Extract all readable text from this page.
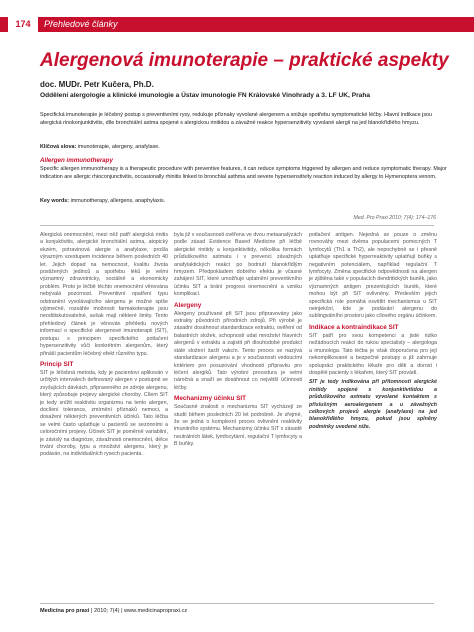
174	Přehledové články
Alergenová imunoterapie – praktické aspekty
doc. MUDr. Petr Kučera, Ph.D.
Oddělení alergologie a klinické imunologie a Ústav imunologie FN Královské Vinohrady a 3. LF UK, Praha

Specifická imunoterapie je léčebný postup s preventivními rysy, redukuje příznaky vyvolané alergenem a snižuje spotřebu symptomatické léčby. Hlavní indikace jsou alergická rinokonjunktivitis, díle bronchiální astma spojené s alergickou rinitidou a závažné reakce hypersenzitivity vyvolané alergií na jed blanokřídlého hmyzu.

Klíčová slova: imunoterapie, alergeny, anafylaxe.

Allergen immunotherapy

Specific allergen immunotherapy is a therapeutic procedure with preventive features, it can reduce symptoms triggered by allergen and reduce symptomatic therapy. Major indication are allergic rhioconjunctivitis, occasionally rhinitis linked to bronchial asthma and severe hypersensitivity reaction induced by allergy to Hymenoptera venom.

Key words: immunotherapy, allergens, anaphylaxis.

Med. Pro Praxi 2010; 7(4): 174–176

Alergická onemocnění, mezi něž patří alergická rinitis a konjuktivitis, alergické bronchiální astma, atopický ekzém, potravinová alergie a anafylaxe, prošla výrazným vzestupem incidence během posledních 40 let. Jejich dopad na nemocnost, kvalitu života postižených jedinců a spotřebu léků je velmi významný zdravotnicky, sociálně a ekonomicky problém. Proto je léčbě těchto onemocnění věnována nebývalá pozornost. Preventivní opatření typu odstranění vyvolávajícího alergenu je možné spíše výjimečně, rozsáhle možnosti farmakoterapie jsou neoddiskutovatelné, avšak mají některé limity. Tento přehledový článek je věnován přehledu nových informací o specifické alergenové imunoterapii (SIT), postupu s principem specifického potlačení hypersenzitivity vůči konkrétním alergenům, který přináší pacientům léčebný efekt různého typu.

Princip SIT

SIT je léčebná metoda, kdy je pacientovi aplikován v určitých intervalech definovaný alergen v postupně se zvyšujících dávkách, připraveného ze zdroje alergenu, který způsobuje projevy alergické choroby. Cílem SIT je tedy snížit reaktivitu organizmu na tento alergen, docílení tolerance, zmírnění příznaků nemoci, a dosažení některých preventivních účinků. Tato léčba se velmi často uplatňuje u pacientů se sezónními a celoročními projevy. Účinek SIT je poměrně variabilní, je závislý na diagnóze, závažnosti onemocnění, délce trvání choroby, typu a množství alergenu, který je podáván, na individuálních rysech pacienta.

byla již v současnosti ověřena ve dvou metaanalýzách podle zásad Evidence Based Medicine při léčbě alergické rinitidy a konjunktivitidy, několika formách průduškového astmatu i v prevenci závažných anafylaktických reakcí po bodnutí blanokřídlým hmyzem. Předpokladem dobrého efektu je včasné zahájení SIT, které umožňuje uplatnění preventivního účinku SIT a brání progresi onemocnění a vzniku komplikací.

Alergeny

Alergeny používané při SIT jsou připravovány jako extrakty původních přírodních zdrojů. Při výrobě je zásadní dosáhnout standardizace extraktu, ověření od balastních složek, schopností udat množství hlavních alergenů v extraktu a zajistit při dlouhodobé produkci stálé složení šarží vakcín. Tento proces se nazývá standardizace alergenu a je v současnosti vedoucími kritériem pro posuzování vhodnosti přípravku pro léčení alergiků. Tato výrobní procedura je velmi náročná a snaží se dosáhnout co největší účinnosti léčby.

Mechanizmy účinku SIT

Současné znalosti o mechanizmu SIT vycházejí ze studií během posledních 20 let podrobně. Je zřejmé, že se jedná o komplexní proces ovlivnění reaktivity imunitního systému. Mechanizmy účinku SIT v zásadě neutrálních látek, lymfocytární, regulační T lymfocyty a B buňky.

potlačení antigen. Nejedná se pouze o změnu rovnováhy mezi dvěma populacemi pomocných T lymfocytů (Th1 a Th2), ale nepochybně se i přesně uplatňuje specifické hyperreaktivity uplatňují buňky s negativním potenciálem, například regulační T lymfocyty. Změna specifické odpovědnosti na alergen je zjištěna také v populacích dendritických buněk, jako významných antigen prezentujících buněk, které mohou být při SIT ovlivněny. Především jejich specifická role pomáhá osvětlit mechanismus u SIT neinjekční, kde je podávání alergenu do sublingválního prostoru jako cílového orgánu účinkem.

Indikace a kontraindikace SIT

SIT patří pro svou kompetenci a jisté riziko nežádoucích reakcí do rukou specialisty – alergologa a imunologa. Tato léčba je však doporučena pro její nekomplikované a bezpečné postupy a již zahrnuje spolupráci praktického lékaře pro děti a dorost i dospělé pacienty s lékařem, který SIT provádí.

SIT je tedy indikována při přítomnosti alergické rinitidy spojené s konjunktivitidou a průduškového astmatu vyvolané kontaktem s příslušným aeroalergenem a u závažných celkových projevů alergie (anafylaxe) na jed blanokřídlého hmyzu, pokud jsou splněny podmínky uvedené níže.

Medicína pro praxi | 2010; 7(4) | www.medicinapropraxi.cz
